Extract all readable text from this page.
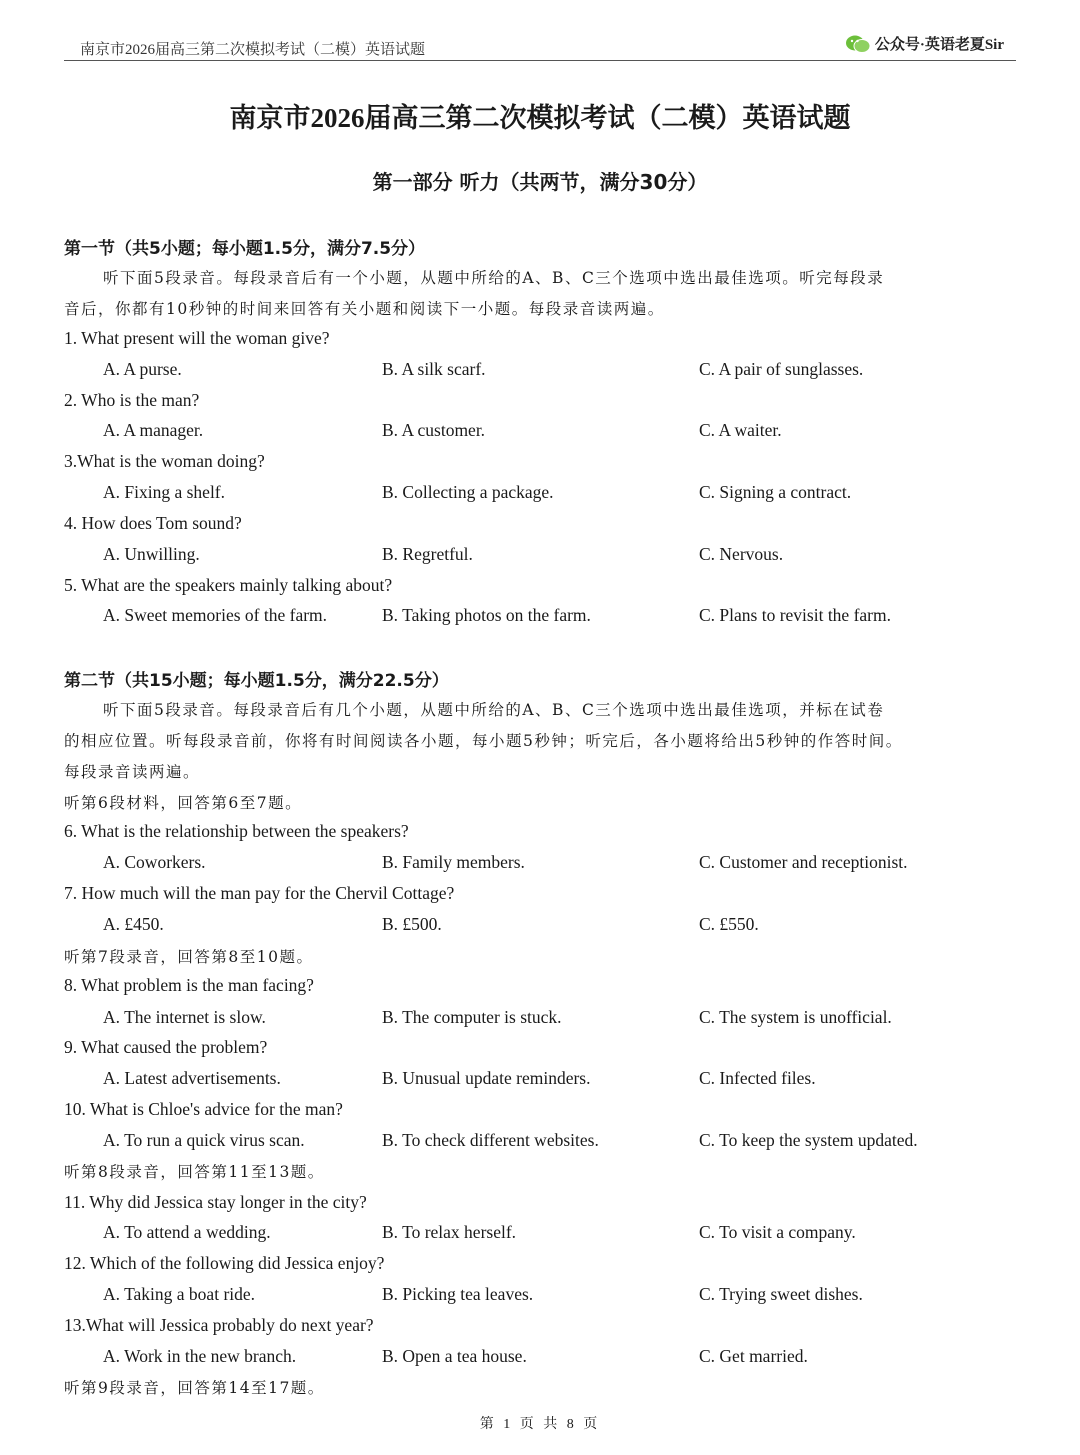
南京市2026届高三第二次模拟考试（二模）英语试题	公众号·英语老夏Sir
南京市2026届高三第二次模拟考试（二模）英语试题
第一部分 听力（共两节，满分30分）
第一节（共5小题；每小题1.5分，满分7.5分）
听下面5段录音。每段录音后有一个小题，从题中所给的A、B、C三个选项中选出最佳选项。听完每段录
音后，你都有10秒钟的时间来回答有关小题和阅读下一小题。每段录音读两遍。
1. What present will the woman give?
A. A purse.	B. A silk scarf.	C. A pair of sunglasses.
2. Who is the man?
A. A manager.	B. A customer.	C. A waiter.
3.What is the woman doing?
A. Fixing a shelf.	B. Collecting a package.	C. Signing a contract.
4. How does Tom sound?
A. Unwilling.	B. Regretful.	C. Nervous.
5. What are the speakers mainly talking about?
A. Sweet memories of the farm.	B. Taking photos on the farm.	C. Plans to revisit the farm.
第二节（共15小题；每小题1.5分，满分22.5分）
听下面5段录音。每段录音后有几个小题，从题中所给的A、B、C三个选项中选出最佳选项，并标在试卷
的相应位置。听每段录音前，你将有时间阅读各小题，每小题5秒钟；听完后，各小题将给出5秒钟的作答时间。
每段录音读两遍。
听第6段材料，回答第6至7题。
6. What is the relationship between the speakers?
A. Coworkers.	B. Family members.	C. Customer and receptionist.
7. How much will the man pay for the Chervil Cottage?
A. £450.	B. £500.	C. £550.
听第7段录音，回答第8至10题。
8. What problem is the man facing?
A. The internet is slow.	B. The computer is stuck.	C. The system is unofficial.
9. What caused the problem?
A. Latest advertisements.	B. Unusual update reminders.	C. Infected files.
10. What is Chloe's advice for the man?
A. To run a quick virus scan.	B. To check different websites.	C. To keep the system updated.
听第8段录音，回答第11至13题。
11. Why did Jessica stay longer in the city?
A. To attend a wedding.	B. To relax herself.	C. To visit a company.
12. Which of the following did Jessica enjoy?
A. Taking a boat ride.	B. Picking tea leaves.	C. Trying sweet dishes.
13.What will Jessica probably do next year?
A. Work in the new branch.	B. Open a tea house.	C. Get married.
听第9段录音，回答第14至17题。
第 1 页 共 8 页
